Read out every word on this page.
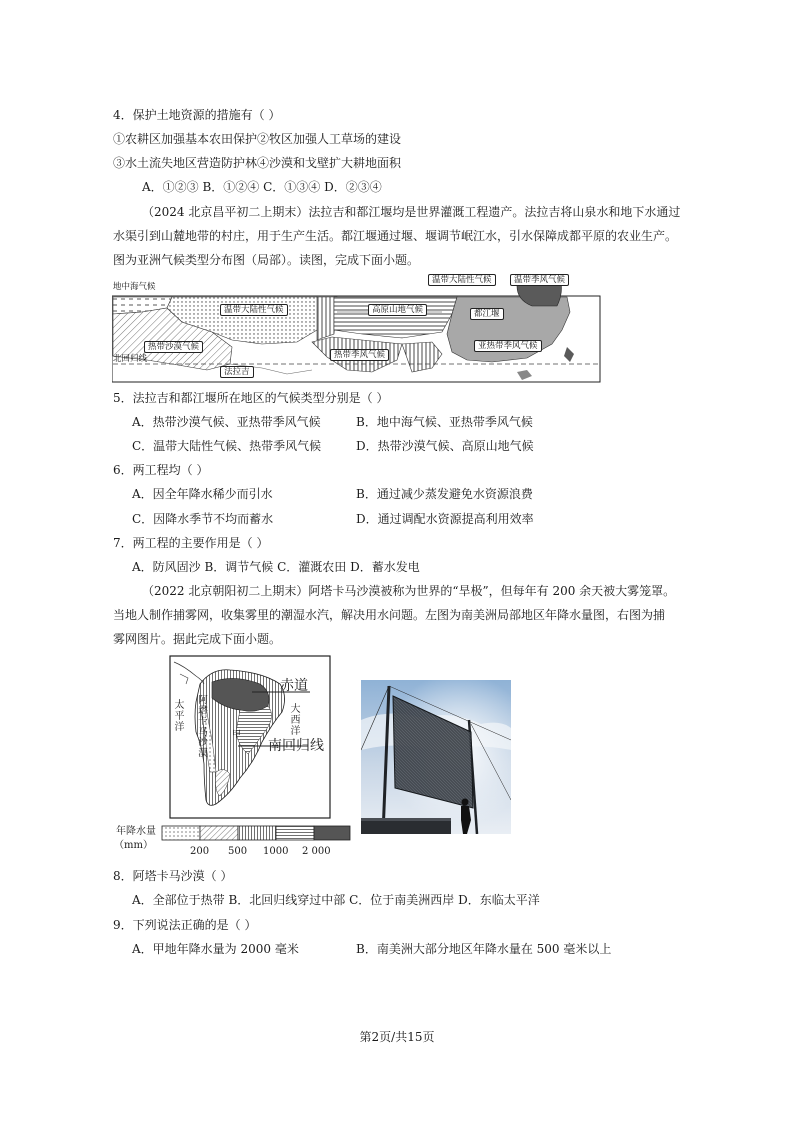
4．保护土地资源的措施有（ ）
①农耕区加强基本农田保护②牧区加强人工草场的建设
③水土流失地区营造防护林④沙漠和戈壁扩大耕地面积
A．①②③ B．①②④ C．①③④ D．②③④
（2024 北京昌平初二上期末）法拉吉和都江堰均是世界灌溉工程遗产。法拉吉将山泉水和地下水通过
水渠引到山麓地带的村庄，用于生产生活。都江堰通过堰、堰调节岷江水，引水保障成都平原的农业生产。
图为亚洲气候类型分布图（局部）。读图，完成下面小题。
地中海气候
温带大陆性气候	温带季风气候
温带大陆性气候	高原山地气候	都江堰
热带沙漠气候
热带季风气候
亚热带季风气候
北回归线
法拉吉
5．法拉吉和都江堰所在地区的气候类型分别是（ ）
A．热带沙漠气候、亚热带季风气候	B．地中海气候、亚热带季风气候
C．温带大陆性气候、热带季风气候	D．热带沙漠气候、高原山地气候
6．两工程均（ ）
A．因全年降水稀少而引水	B．通过减少蒸发避免水资源浪费
C．因降水季节不均而蓄水	D．通过调配水资源提高利用效率
7．两工程的主要作用是（ ）
A．防风固沙 B．调节气候 C．灌溉农田 D．蓄水发电
（2022 北京朝阳初二上期末）阿塔卡马沙漠被称为世界的“旱极”，但每年有 200 余天被大雾笼罩。
当地人制作捕雾网，收集雾里的潮湿水汽，解决用水问题。左图为南美洲局部地区年降水量图，右图为捕
雾网图片。据此完成下面小题。
赤道
太
平
洋
大
西
洋
阿
塔
卡
马
沙
漠
甲
南回归线
年降水量
（mm）
200 500 1000 2 000
8．阿塔卡马沙漠（ ）
A．全部位于热带 B．北回归线穿过中部 C．位于南美洲西岸 D．东临太平洋
9．下列说法正确的是（ ）
A．甲地年降水量为 2000 毫米	B．南美洲大部分地区年降水量在 500 毫米以上
第2页/共15页
